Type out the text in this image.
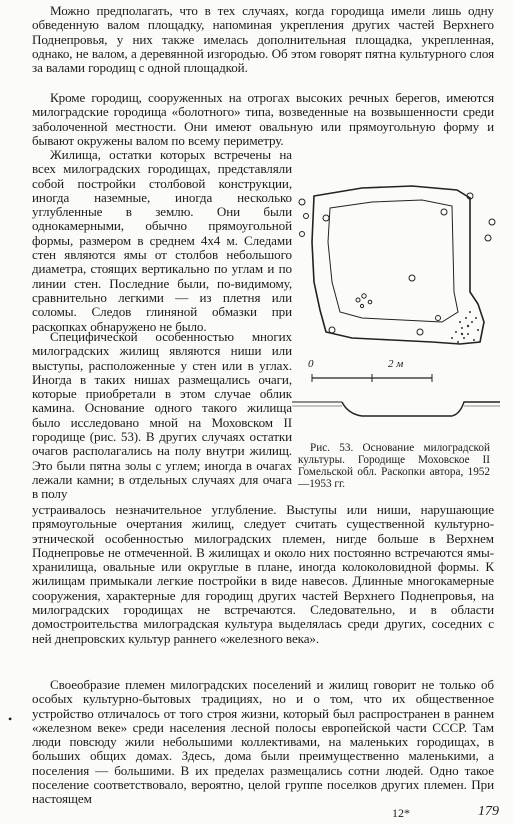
Можно предполагать, что в тех случаях, когда городища имели лишь одну обведенную валом площадку, напоминая укрепления других частей Верхнего Поднепровья, у них также имелась дополнительная площадка, укрепленная, однако, не валом, а деревянной изгородью. Об этом говорят пятна культурного слоя за валами городищ с одной площадкой.

Кроме городищ, сооруженных на отрогах высоких речных берегов, имеются милоградские городища «болотного» типа, возведенные на возвышенности среди заболоченной местности. Они имеют овальную или прямоугольную форму и бывают окружены валом по всему периметру.

Жилища, остатки которых встречены на всех милоградских городищах, представляли собой постройки столбовой конструкции, иногда наземные, иногда несколько углубленные в землю. Они были однокамерными, обычно прямоугольной формы, размером в среднем 4x4 м. Следами стен являются ямы от столбов небольшого диаметра, стоящих вертикально по углам и по линии стен. Последние были, по-видимому, сравнительно легкими — из плетня или соломы. Следов глиняной обмазки при раскопках обнаружено не было.

Специфической особенностью многих милоградских жилищ являются ниши или выступы, расположенные у стен или в углах. Иногда в таких нишах размещались очаги, которые приобретали в этом случае облик камина. Основание одного такого жилища было исследовано мной на Моховском II городище (рис. 53). В других случаях остатки очагов располагались на полу внутри жилищ. Это были пятна золы с углем; иногда в очагах лежали камни; в отдельных случаях для очага в полу

устраивалось незначительное углубление. Выступы или ниши, нарушающие прямоугольные очертания жилищ, следует считать существенной культурно-этнической особенностью милоградских племен, нигде больше в Верхнем Поднепровье не отмеченной. В жилищах и около них постоянно встречаются ямы-хранилища, овальные или округлые в плане, иногда колоколовидной формы. К жилищам примыкали легкие постройки в виде навесов. Длинные многокамерные сооружения, характерные для городищ других частей Верхнего Поднепровья, на милоградских городищах не встречаются. Следовательно, и в области домостроительства милоградская культура выделялась среди других, соседних с ней днепровских культур раннего «железного века».

Своеобразие племен милоградских поселений и жилищ говорит не только об особых культурно-бытовых традициях, но и о том, что их общественное устройство отличалось от того строя жизни, который был распространен в раннем «железном веке» среди населения лесной полосы европейской части СССР. Там люди повсюду жили небольшими коллективами, на маленьких городищах, в больших общих домах. Здесь, дома были преимущественно маленькими, а поселения — большими. В их пределах размещались сотни людей. Одно такое поселение соответствовало, вероятно, целой группе поселков других племен. При настоящем

0	2 м

Рис. 53. Основание милоградской культуры. Городище Моховское II Гомельской обл. Раскопки автора, 1952—1953 гг.

•
12*	179
